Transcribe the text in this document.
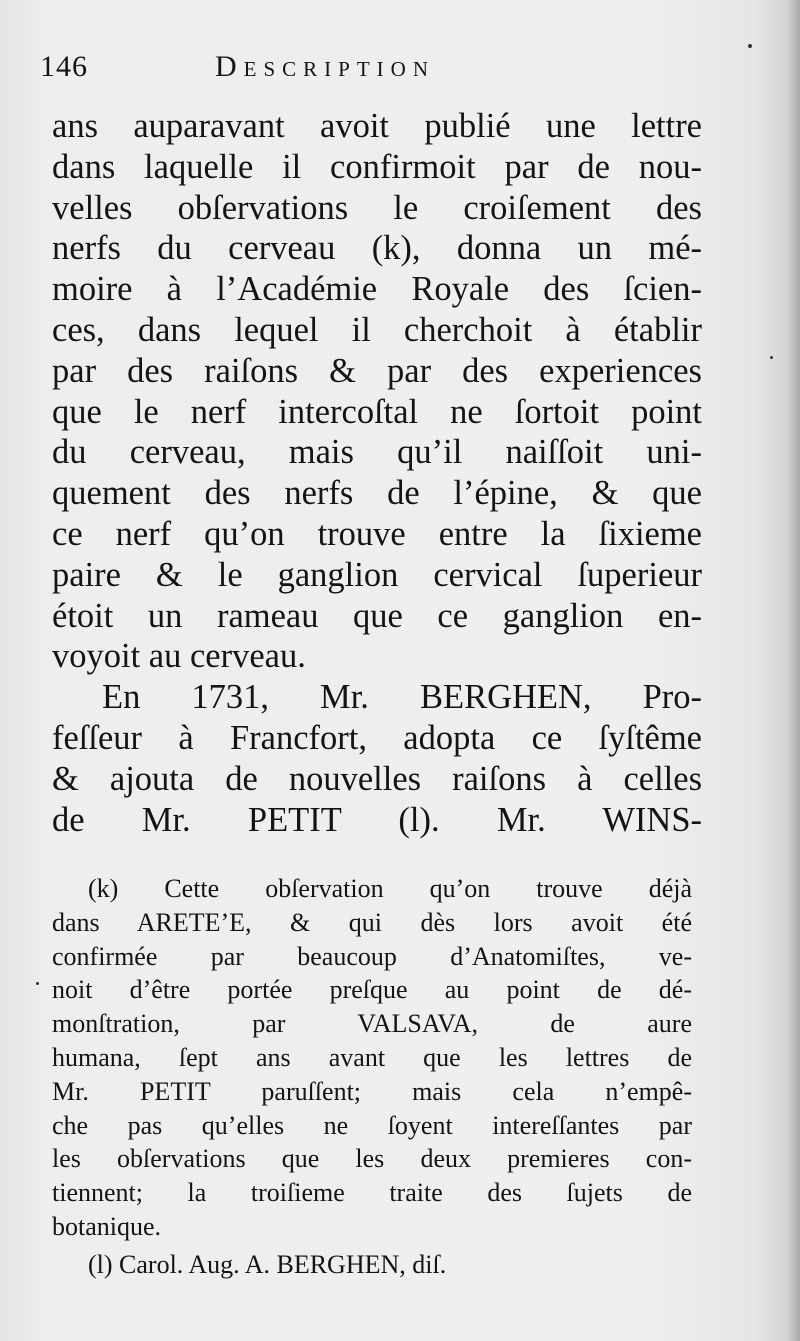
146	Description
ans auparavant avoit publié une lettre
dans laquelle il confirmoit par de nou-
velles obſervations le croiſement des
nerfs du cerveau (k), donna un mé-
moire à l’Académie Royale des ſcien-
ces, dans lequel il cherchoit à établir
par des raiſons & par des experiences
que le nerf intercoſtal ne ſortoit point
du cerveau, mais qu’il naiſſoit uni-
quement des nerfs de l’épine, & que
ce nerf qu’on trouve entre la ſixieme
paire & le ganglion cervical ſuperieur
étoit un rameau que ce ganglion en-
voyoit au cerveau.
En 1731, Mr. BERGHEN, Pro-
feſſeur à Francfort, adopta ce ſyſtême
& ajouta de nouvelles raiſons à celles
de Mr. PETIT (l). Mr. WINS-
(k) Cette obſervation qu’on trouve déjà
dans ARETE’E, & qui dès lors avoit été
confirmée par beaucoup d’Anatomiſtes, ve-
noit d’être portée preſque au point de dé-
monſtration, par VALSAVA, de aure
humana, ſept ans avant que les lettres de
Mr. PETIT paruſſent; mais cela n’empê-
che pas qu’elles ne ſoyent intereſſantes par
les obſervations que les deux premieres con-
tiennent; la troiſieme traite des ſujets de
botanique.
(l) Carol. Aug. A. BERGHEN, diſ.
